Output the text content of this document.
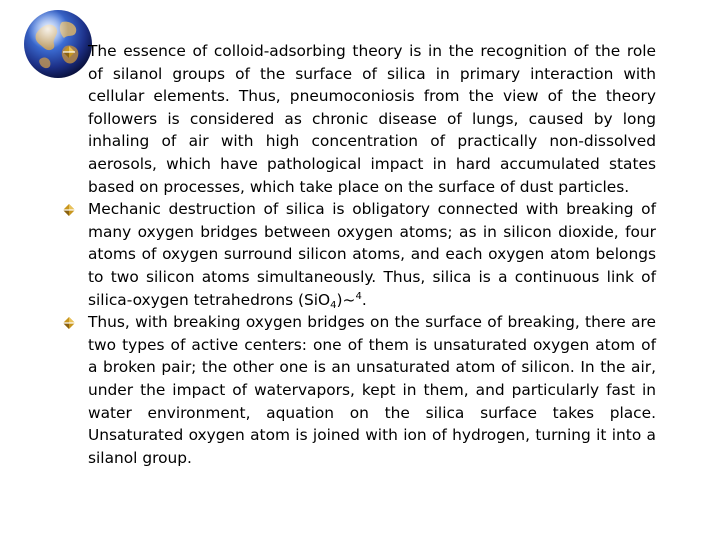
The essence of colloid-adsorbing theory is in the recognition of the role of silanol groups of the surface of silica in primary interaction with cellular elements. Thus, pneumoconiosis from the view of the theory followers is considered as chronic disease of lungs, caused by long inhaling of air with high concentration of practically non-dissolved aerosols, which have pathological impact in hard accumulated states based on processes, which take place on the surface of dust particles.
Mechanic destruction of silica is obligatory connected with breaking of many oxygen bridges between oxygen atoms; as in silicon dioxide, four atoms of oxygen surround silicon atoms, and each oxygen atom belongs to two silicon atoms simultaneously. Thus, silica is a continuous link of silica-oxygen tetrahedrons (SiO$_4$)~$^4$.
Thus, with breaking oxygen bridges on the surface of breaking, there are two types of active centers: one of them is unsaturated oxygen atom of a broken pair; the other one is an unsaturated atom of silicon. In the air, under the impact of watervapors, kept in them, and particularly fast in water environment, aquation on the silica surface takes place. Unsaturated oxygen atom is joined with ion of hydrogen, turning it into a silanol group.
